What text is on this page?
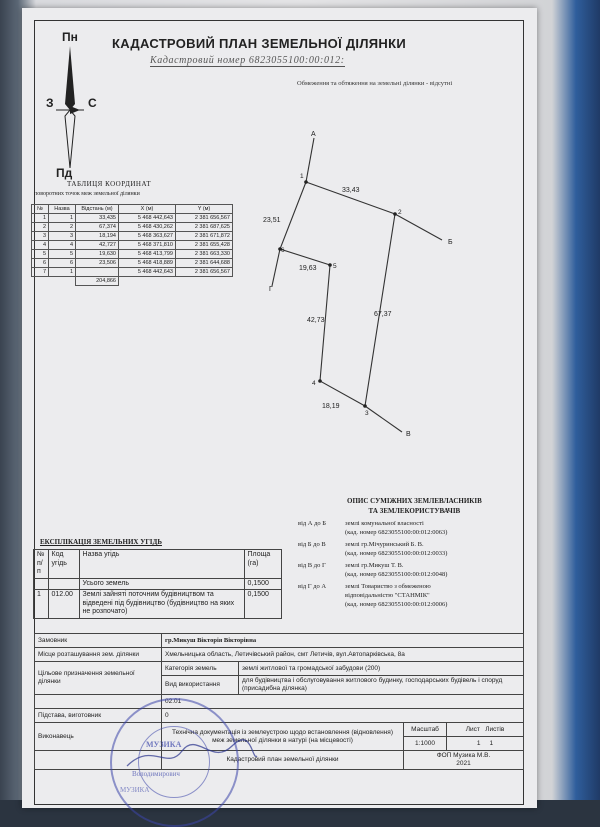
КАДАСТРОВИЙ ПЛАН ЗЕМЕЛЬНОЇ ДІЛЯНКИ
Кадастровий номер 6823055100:00:012:
Обмеження та обтяження на земельні ділянки - відсутні
Пн
Пд
З	С
ТАБЛИЦЯ КООРДИНАТ
поворотних точок меж земельної ділянки
№	Назва	Відстань (м)	X (м)	Y (м)
1	1	33,435	5 468 442,643	2 381 656,567
2	2	67,374	5 468 430,262	2 381 687,625
3	3	18,194	5 468 363,627	2 381 671,872
4	4	42,727	5 468 371,810	2 381 655,428
5	5	19,630	5 468 413,799	2 381 663,330
6	6	23,506	5 468 418,889	2 381 644,688
7	1		5 468 442,643	2 381 656,567
		204,866		
1
2
3
4
5
6
33,43
67,37
18,19
42,73
19,63
23,51
А
Б
В
Г
ОПИС СУМІЖНИХ ЗЕМЛЕВЛАСНИКІВ
ТА ЗЕМЛЕКОРИСТУВАЧІВ
від А до Б	землі комунальної власності
(кад. номер 6823055100:00:012:0063)
від Б до В	землі гр.Мічуринський Б. В.
(кад. номер 6823055100:00:012:0033)
від В до Г	землі гр.Микуш Т. В.
(кад. номер 6823055100:00:012:0048)
від Г до А	землі Товариство з обмеженою
відповідальністю "СТАНМІК"
(кад. номер 6823055100:00:012:0006)
ЕКСПЛІКАЦІЯ ЗЕМЕЛЬНИХ УГІДЬ
№ п/п	Код угідь	Назва угідь	Площа (га)
		Усього земель	0,1500
1	012.00	Землі зайняті поточним будівництвом та відведені під будівництво (будівництво на яких не розпочато)	0,1500
Замовник	гр.Микуш Вікторія Вікторівна			
Місце розташування зем. ділянки	Хмельницька область, Летичівський район, смт Летичів, вул.Автопарківська, 8а			
Цільове призначення земельної ділянки	Категорія земель	землі житлової та громадської забудови (200)		
	Вид використання	для будівництва і обслуговування житлового будинку, господарських будівель і споруд (присадибна ділянка)		
	02.01			
Підстава, виготовник	0			
Виконавець	Технічна документація із землеустрою щодо встановлення (відновлення) меж земельної ділянки в натурі (на місцевості)		Масштаб	Лист Листів
			1:1000	1 1
	Кадастровий план земельної ділянки		ФОП Музика М.В.
2021	
МУЗИКА
Володимирович
МУЗИКА
